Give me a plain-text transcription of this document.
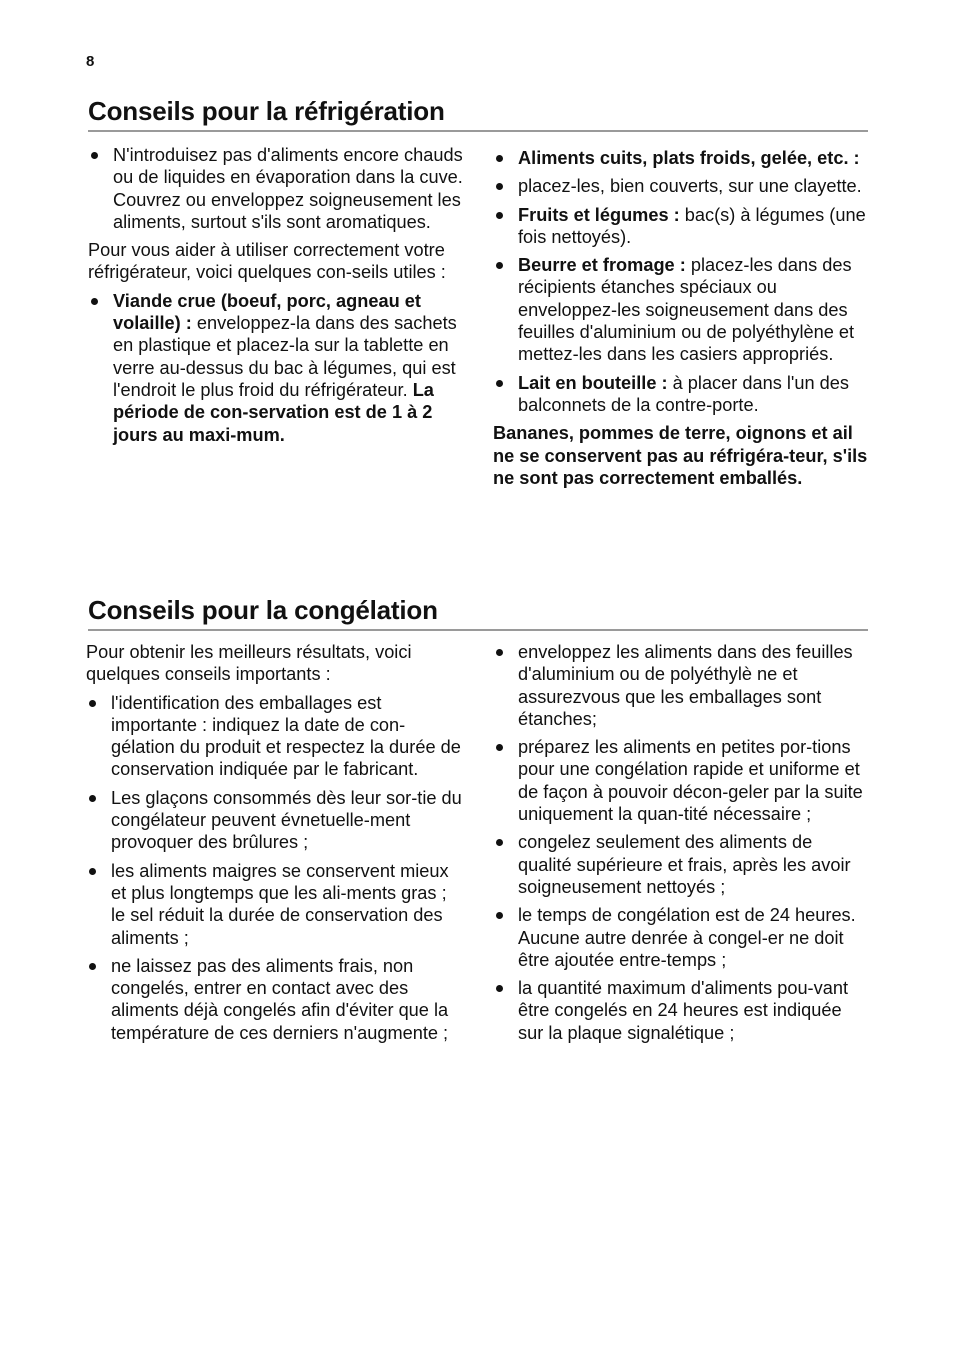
8
Conseils pour la réfrigération
N'introduisez pas d'aliments encore chauds ou de liquides en évaporation dans la cuve. Couvrez ou enveloppez soigneusement les aliments, surtout s'ils sont aromatiques.

Pour vous aider à utiliser correctement votre réfrigérateur, voici quelques con-seils utiles :

Viande crue (boeuf, porc, agneau et volaille) : enveloppez-la dans des sachets en plastique et placez-la sur la tablette en verre au-dessus du bac à légumes, qui est l'endroit le plus froid du réfrigérateur. La période de con-servation est de 1 à 2 jours au maxi-mum.
Aliments cuits, plats froids, gelée, etc. :
placez-les, bien couverts, sur une clayette.
Fruits et légumes : bac(s) à légumes (une fois nettoyés).
Beurre et fromage : placez-les dans des récipients étanches spéciaux ou enveloppez-les soigneusement dans des feuilles d'aluminium ou de polyéthylène et mettez-les dans les casiers appropriés.
Lait en bouteille : à placer dans l'un des balconnets de la contre-porte.

Bananes, pommes de terre, oignons et ail ne se conservent pas au réfrigéra-teur, s'ils ne sont pas correctement emballés.

Conseils pour la congélation

Pour obtenir les meilleurs résultats, voici quelques conseils importants :

l'identification des emballages est importante : indiquez la date de con-gélation du produit et respectez la durée de conservation indiquée par le fabricant.
Les glaçons consommés dès leur sor-tie du congélateur peuvent évnetuelle-ment provoquer des brûlures ;
les aliments maigres se conservent mieux et plus longtemps que les ali-ments gras ; le sel réduit la durée de conservation des aliments ;
ne laissez pas des aliments frais, non congelés, entrer en contact avec des aliments déjà congelés afin d'éviter que la température de ces derniers n'augmente ;
enveloppez les aliments dans des feuilles d'aluminium ou de polyéthylè ne et assurezvous que les emballages sont étanches;
préparez les aliments en petites por-tions pour une congélation rapide et uniforme et de façon à pouvoir décon-geler par la suite uniquement la quan-tité nécessaire ;
congelez seulement des aliments de qualité supérieure et frais, après les avoir soigneusement nettoyés ;
le temps de congélation est de 24 heures. Aucune autre denrée à congel-er ne doit être ajoutée entre-temps ;
la quantité maximum d'aliments pou-vant être congelés en 24 heures est indiquée sur la plaque signalétique ;
